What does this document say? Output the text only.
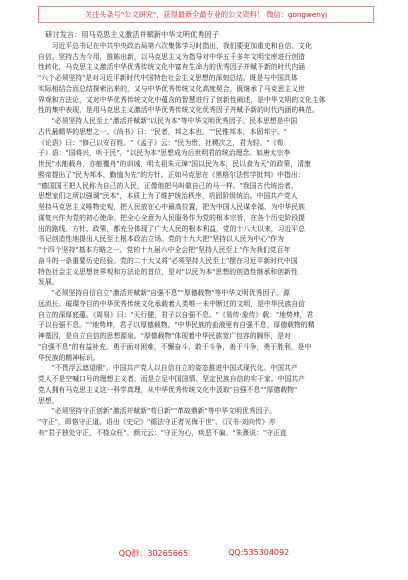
关注头条号"公文研究"，获得最新全最专业的公文资料！ 微信：gongwenyj
　研讨发言：用马克思主义激活并赋新中华文明优秀因子
　　习近平总书记在中共中央政治局第六次集体学习时指出，我们要更加重史和自信、文化
自信。坚持古为今用，推陈出新，以马克思主义为指导对中华五千多年文明宝库进行创造
性转化，马克思主义激活中华优秀传统文化中富有生命力的优秀因子并赋予新的时代内涵
"六个必须坚持"是对习近平新时代中国特色社会主义思想的深刻总结。既是与中国具体
实际相结合而总结探索出来的，又与中华优秀传统文化高度契合，既继承了马克思主义世
界观和方法论，又对中华优秀传统文化中蕴含的智慧进行了创新性阐述，是中华文明的文化主体
性的集中表现，是用马克思主义激活中华优秀传统文化优秀因子并赋予新的时代内涵的典范。
　　"必须坚持人民至上"激活并赋新"以民为本"等中华文明优秀因子。民本思想是中国
古代最精华的思想之一。《尚书》曰："民者，邦之本也。""民惟邦本，本固邦宁。"
《论语》曰："修己以安百姓。"《孟子》云："民为贵，社稷次之，君为轻。"《荀
子》语："国将兴，听于民"，"以民为本"思想成为后世明君的统治理念。如唐太宗李
世民"水能载舟，亦能覆舟"的训诫，明太祖朱元璋"国以民为本，民以食为天"的政策，清康
熙帝提出了"民为邦本，勤恤为先"的方针。正如马克思在《黑格尔法哲学批判》中指出：
"德国国王把人民称为自己的人民，正像他把马叫做自己的马一样。"我国古代统治者、
思想家们之所以强调"民本"，本质上为了维护统治秩序，巩固阶级统治。中国共产党人
坚持马克思主义唯物史观，把人民放在心中最高位置，把为中国人民谋幸福、为中华民族
谋复兴作为党的初心使命。把全心全意为人民服务作为党的根本宗旨，在各个历史阶段提
出的路线、方针、政策，都充分体现了广大人民的根本利益，党的十八大以来，习近平总
书记创造性地提出人民至上根本政治立场。党的十九大把"坚持以人民为中心"作为
"十四个坚持"基本方略之一。党的十九届六中全会把"坚持人民至上"作为我们党百年
奋斗的一条重要历史经验。党的二十大又将"必须坚持人民至上"摆在习近平新时代中国
特色社会主义思想世界观和方法论的首位，是对"以民为本"思想的创造性继承和创新性
发展。
　　"必须坚持自信自立"激活并赋新"自强不息""厚德载物"等中华文明优秀因子。源
远流长、璀璨夺目的中华优秀传统文化承载着人类唯一未中断过的文明，是中华民族自信
自立的深厚底蕴。《周易》曰："天行健，君子以自强不息。"《易传·象传》载："地势坤，君
子以自强不息。""地势坤，君子以厚德载物。"中华民族的血液里有自强不息、厚德载物的精
神基因，是自立自信的思想源泉。"厚德载物"体现着中华民族宽广包容的胸怀，是对
"自强不息"的有益补充。勇于面对困难，不懈奋斗，敢于斗争，善于斗争，勇于胜利，是中
华民族的精神标识。
　　"不畏浮云遮望眼"，中国共产党人以自信自立的姿态推进中国式现代化。中国共产
党人不是空喊口号的理想主义者，而是立足中国国情、坚定民族自信的实干家。中国共产
党人拥有马克思主义这一科学真理，从中华优秀传统文化中汲取"自强不息""厚德载物"
思想。
　　"必须坚持守正创新"激活并赋新"苟日新""革故鼎新"等中华文明优秀因子。
"守正"，即恪守正道。语出《史记》"循法守正者见侮于世"、《汉书·刘向传》亦
有"君子独处守正，不桡众枉"。颜元云："守正为心，疾恶不偏。"朱熹说："守正直
QQ群：30265665	QQ:535304092
